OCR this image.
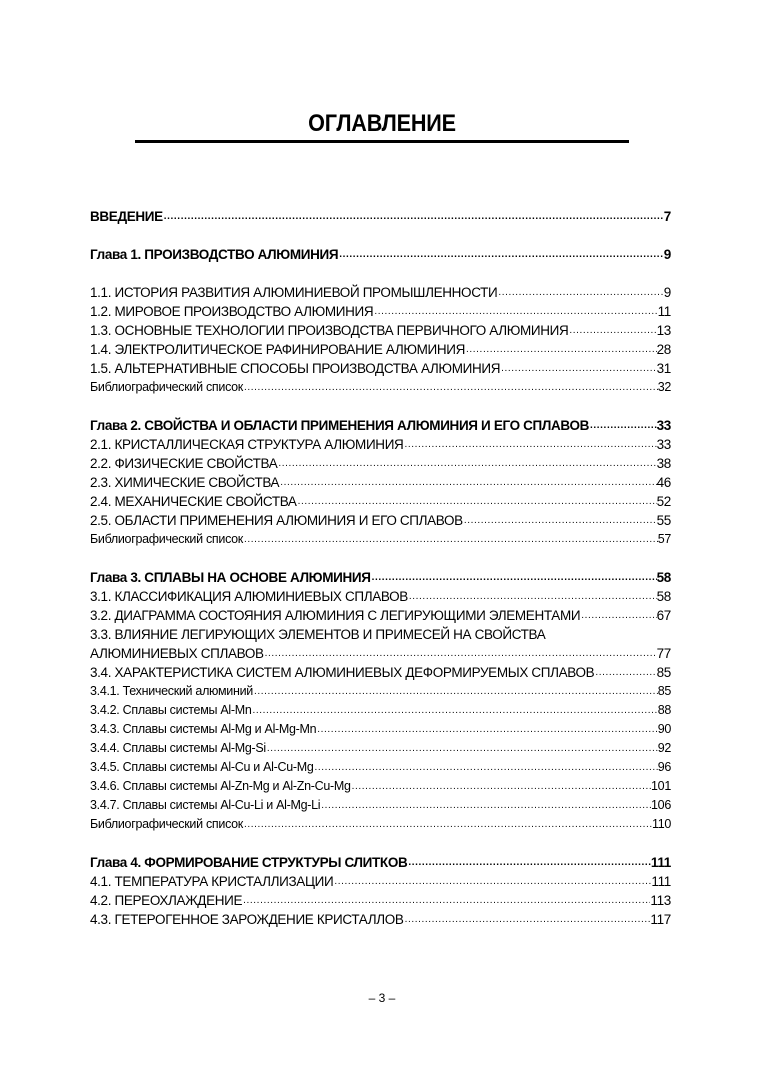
ОГЛАВЛЕНИЕ
ВВЕДЕНИЕ .....	7
Глава 1. ПРОИЗВОДСТВО АЛЮМИНИЯ .....	9
1.1. ИСТОРИЯ РАЗВИТИЯ АЛЮМИНИЕВОЙ ПРОМЫШЛЕННОСТИ .....	9
1.2. МИРОВОЕ ПРОИЗВОДСТВО АЛЮМИНИЯ .....	11
1.3. ОСНОВНЫЕ ТЕХНОЛОГИИ ПРОИЗВОДСТВА ПЕРВИЧНОГО АЛЮМИНИЯ .....	13
1.4. ЭЛЕКТРОЛИТИЧЕСКОЕ РАФИНИРОВАНИЕ АЛЮМИНИЯ .....	28
1.5. АЛЬТЕРНАТИВНЫЕ СПОСОБЫ ПРОИЗВОДСТВА АЛЮМИНИЯ .....	31
Библиографический список .....	32
Глава 2. СВОЙСТВА И ОБЛАСТИ ПРИМЕНЕНИЯ АЛЮМИНИЯ И ЕГО СПЛАВОВ .....	33
2.1. КРИСТАЛЛИЧЕСКАЯ СТРУКТУРА АЛЮМИНИЯ .....	33
2.2. ФИЗИЧЕСКИЕ СВОЙСТВА .....	38
2.3. ХИМИЧЕСКИЕ СВОЙСТВА .....	46
2.4. МЕХАНИЧЕСКИЕ СВОЙСТВА .....	52
2.5. ОБЛАСТИ ПРИМЕНЕНИЯ АЛЮМИНИЯ И ЕГО СПЛАВОВ .....	55
Библиографический список .....	57
Глава 3. СПЛАВЫ НА ОСНОВЕ АЛЮМИНИЯ .....	58
3.1. КЛАССИФИКАЦИЯ АЛЮМИНИЕВЫХ СПЛАВОВ .....	58
3.2. ДИАГРАММА СОСТОЯНИЯ АЛЮМИНИЯ С ЛЕГИРУЮЩИМИ ЭЛЕМЕНТАМИ .....	67
3.3. ВЛИЯНИЕ ЛЕГИРУЮЩИХ ЭЛЕМЕНТОВ И ПРИМЕСЕЙ НА СВОЙСТВА
АЛЮМИНИЕВЫХ СПЛАВОВ .....	77
3.4. ХАРАКТЕРИСТИКА СИСТЕМ АЛЮМИНИЕВЫХ ДЕФОРМИРУЕМЫХ СПЛАВОВ .....	85
3.4.1. Технический алюминий .....	85
3.4.2. Сплавы системы Al-Mn .....	88
3.4.3. Сплавы системы Al-Mg и Al-Mg-Mn .....	90
3.4.4. Сплавы системы Al-Mg-Si .....	92
3.4.5. Сплавы системы Al-Cu и Al-Cu-Mg .....	96
3.4.6. Сплавы системы Al-Zn-Mg и Al-Zn-Cu-Mg .....	101
3.4.7. Сплавы системы Al-Cu-Li и Al-Mg-Li .....	106
Библиографический список .....	110
Глава 4. ФОРМИРОВАНИЕ СТРУКТУРЫ СЛИТКОВ .....	111
4.1. ТЕМПЕРАТУРА КРИСТАЛЛИЗАЦИИ .....	111
4.2. ПЕРЕОХЛАЖДЕНИЕ .....	113
4.3. ГЕТЕРОГЕННОЕ ЗАРОЖДЕНИЕ КРИСТАЛЛОВ .....	117
– 3 –
